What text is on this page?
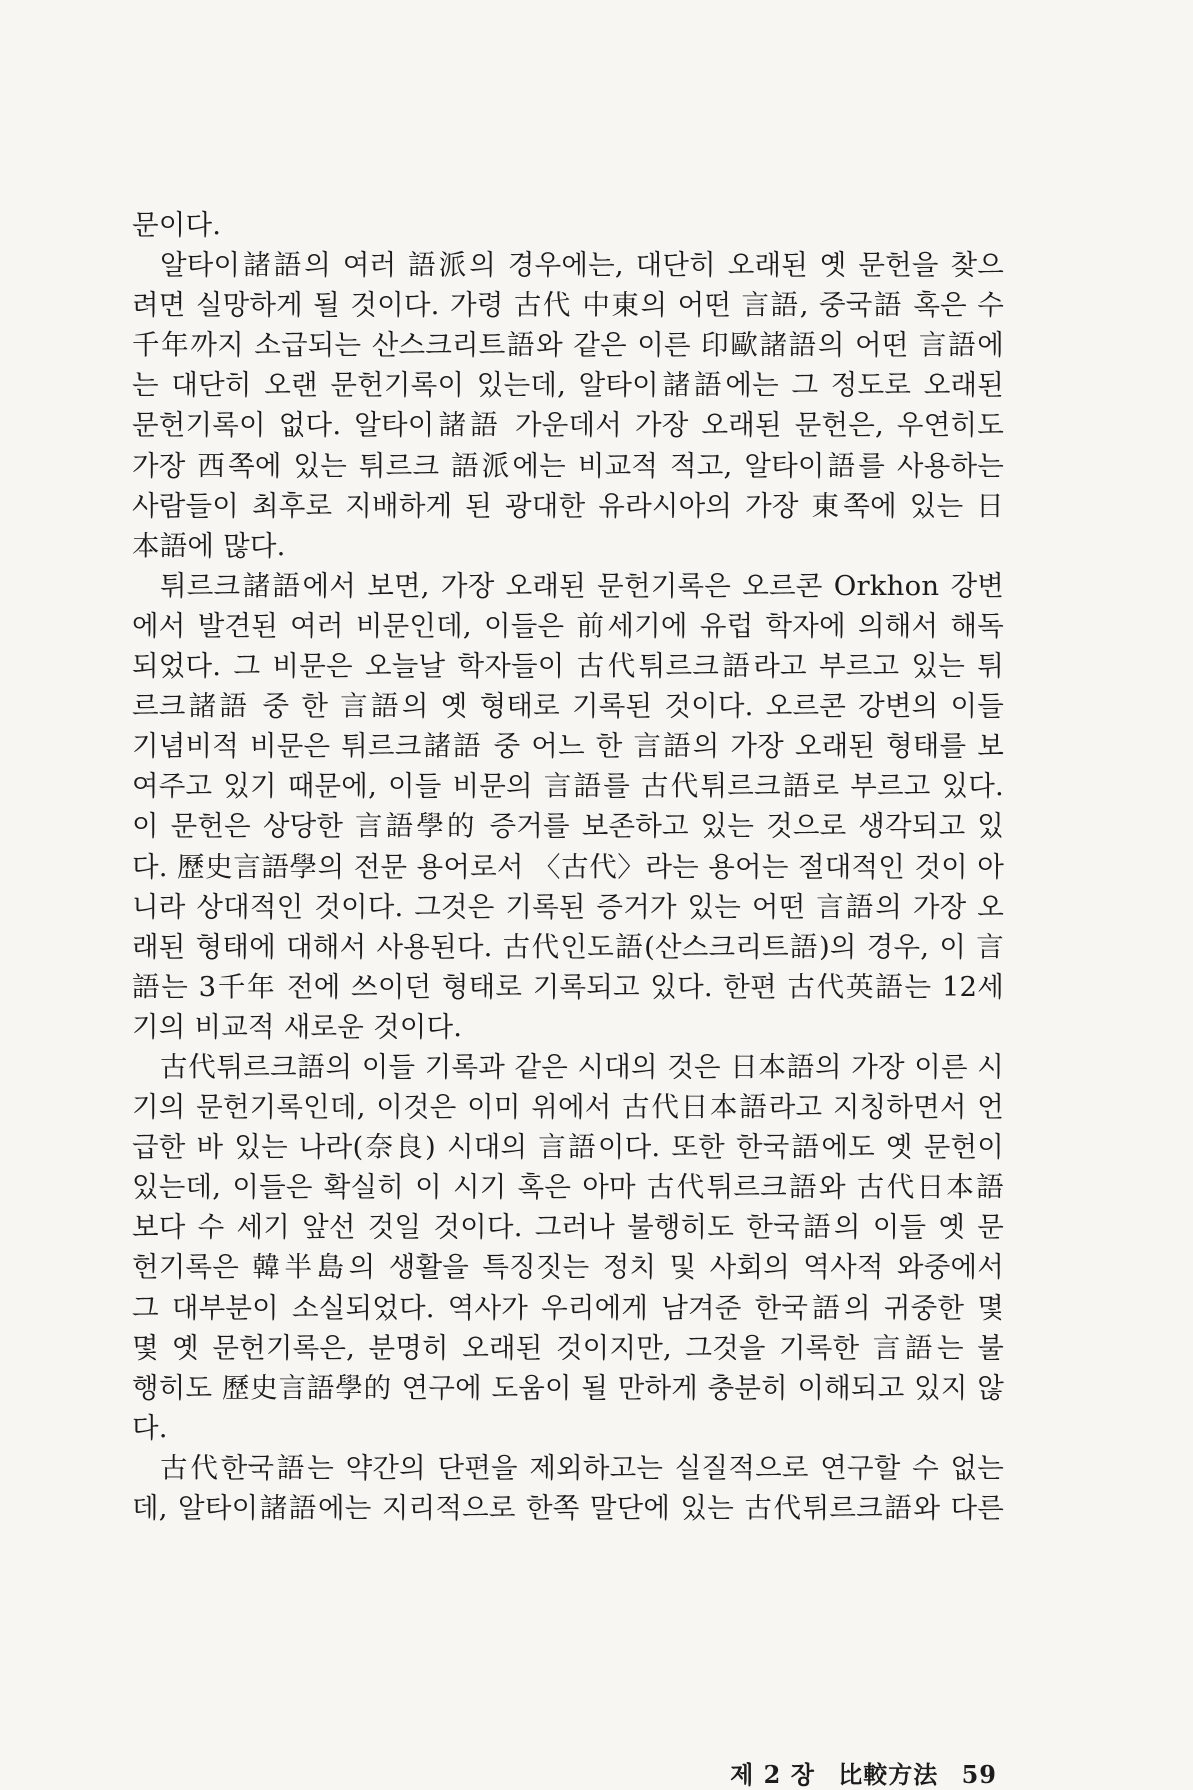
문이다.
알타이諸語의 여러 語派의 경우에는, 대단히 오래된 옛 문헌을 찾으
려면 실망하게 될 것이다. 가령 古代 中東의 어떤 言語, 중국語 혹은 수
千年까지 소급되는 산스크리트語와 같은 이른 印歐諸語의 어떤 言語에
는 대단히 오랜 문헌기록이 있는데, 알타이諸語에는 그 정도로 오래된
문헌기록이 없다. 알타이諸語 가운데서 가장 오래된 문헌은, 우연히도
가장 西쪽에 있는 튀르크 語派에는 비교적 적고, 알타이語를 사용하는
사람들이 최후로 지배하게 된 광대한 유라시아의 가장 東쪽에 있는 日
本語에 많다.
튀르크諸語에서 보면, 가장 오래된 문헌기록은 오르콘 Orkhon 강변
에서 발견된 여러 비문인데, 이들은 前세기에 유럽 학자에 의해서 해독
되었다. 그 비문은 오늘날 학자들이 古代튀르크語라고 부르고 있는 튀
르크諸語 중 한 言語의 옛 형태로 기록된 것이다. 오르콘 강변의 이들
기념비적 비문은 튀르크諸語 중 어느 한 言語의 가장 오래된 형태를 보
여주고 있기 때문에, 이들 비문의 言語를 古代튀르크語로 부르고 있다.
이 문헌은 상당한 言語學的 증거를 보존하고 있는 것으로 생각되고 있
다. 歷史言語學의 전문 용어로서 〈古代〉라는 용어는 절대적인 것이 아
니라 상대적인 것이다. 그것은 기록된 증거가 있는 어떤 言語의 가장 오
래된 형태에 대해서 사용된다. 古代인도語(산스크리트語)의 경우, 이 言
語는 3千年 전에 쓰이던 형태로 기록되고 있다. 한편 古代英語는 12세
기의 비교적 새로운 것이다.
古代튀르크語의 이들 기록과 같은 시대의 것은 日本語의 가장 이른 시
기의 문헌기록인데, 이것은 이미 위에서 古代日本語라고 지칭하면서 언
급한 바 있는 나라(奈良) 시대의 言語이다. 또한 한국語에도 옛 문헌이
있는데, 이들은 확실히 이 시기 혹은 아마 古代튀르크語와 古代日本語
보다 수 세기 앞선 것일 것이다. 그러나 불행히도 한국語의 이들 옛 문
헌기록은 韓半島의 생활을 특징짓는 정치 및 사회의 역사적 와중에서
그 대부분이 소실되었다. 역사가 우리에게 남겨준 한국語의 귀중한 몇
몇 옛 문헌기록은, 분명히 오래된 것이지만, 그것을 기록한 言語는 불
행히도 歷史言語學的 연구에 도움이 될 만하게 충분히 이해되고 있지 않
다.
古代한국語는 약간의 단편을 제외하고는 실질적으로 연구할 수 없는
데, 알타이諸語에는 지리적으로 한쪽 말단에 있는 古代튀르크語와 다른
제 2 장 比較方法 59
